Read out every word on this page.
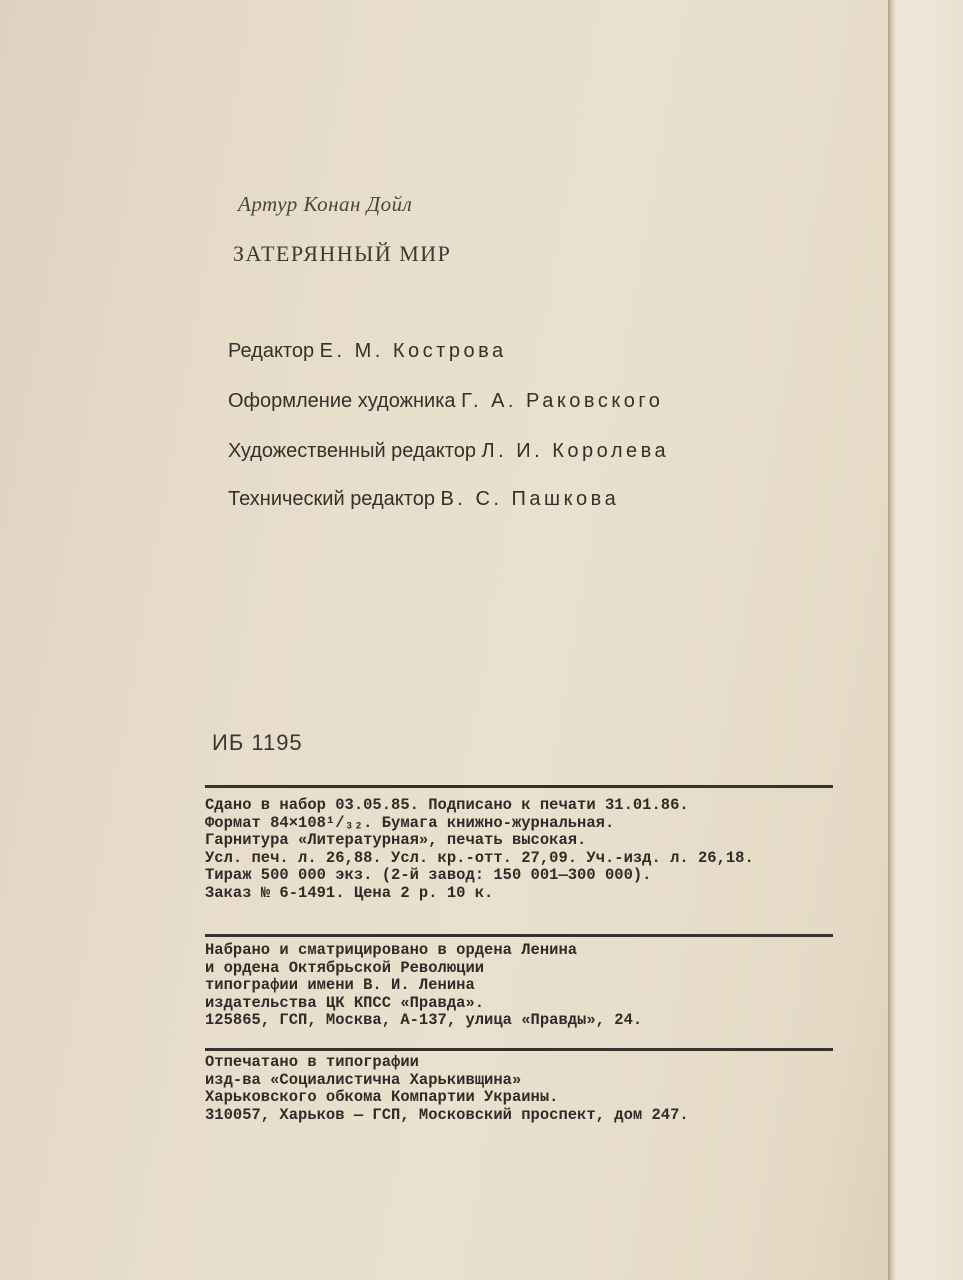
Артур Конан Дойл
ЗАТЕРЯННЫЙ МИР
Редактор Е. М. Кострова
Оформление художника Г. А. Раковского
Художественный редактор Л. И. Королева
Технический редактор В. С. Пашкова
ИБ 1195
Сдано в набор 03.05.85. Подписано к печати 31.01.86.
Формат 84×108¹/₃₂. Бумага книжно-журнальная.
Гарнитура «Литературная», печать высокая.
Усл. печ. л. 26,88. Усл. кр.-отт. 27,09. Уч.-изд. л. 26,18.
Тираж 500 000 экз. (2-й завод: 150 001—300 000).
Заказ № 6-1491. Цена 2 р. 10 к.
Набрано и сматрицировано в ордена Ленина
и ордена Октябрьской Революции
типографии имени В. И. Ленина
издательства ЦК КПСС «Правда».
125865, ГСП, Москва, А-137, улица «Правды», 24.
Отпечатано в типографии
изд-ва «Социалистична Харькивщина»
Харьковского обкома Компартии Украины.
310057, Харьков — ГСП, Московский проспект, дом 247.
